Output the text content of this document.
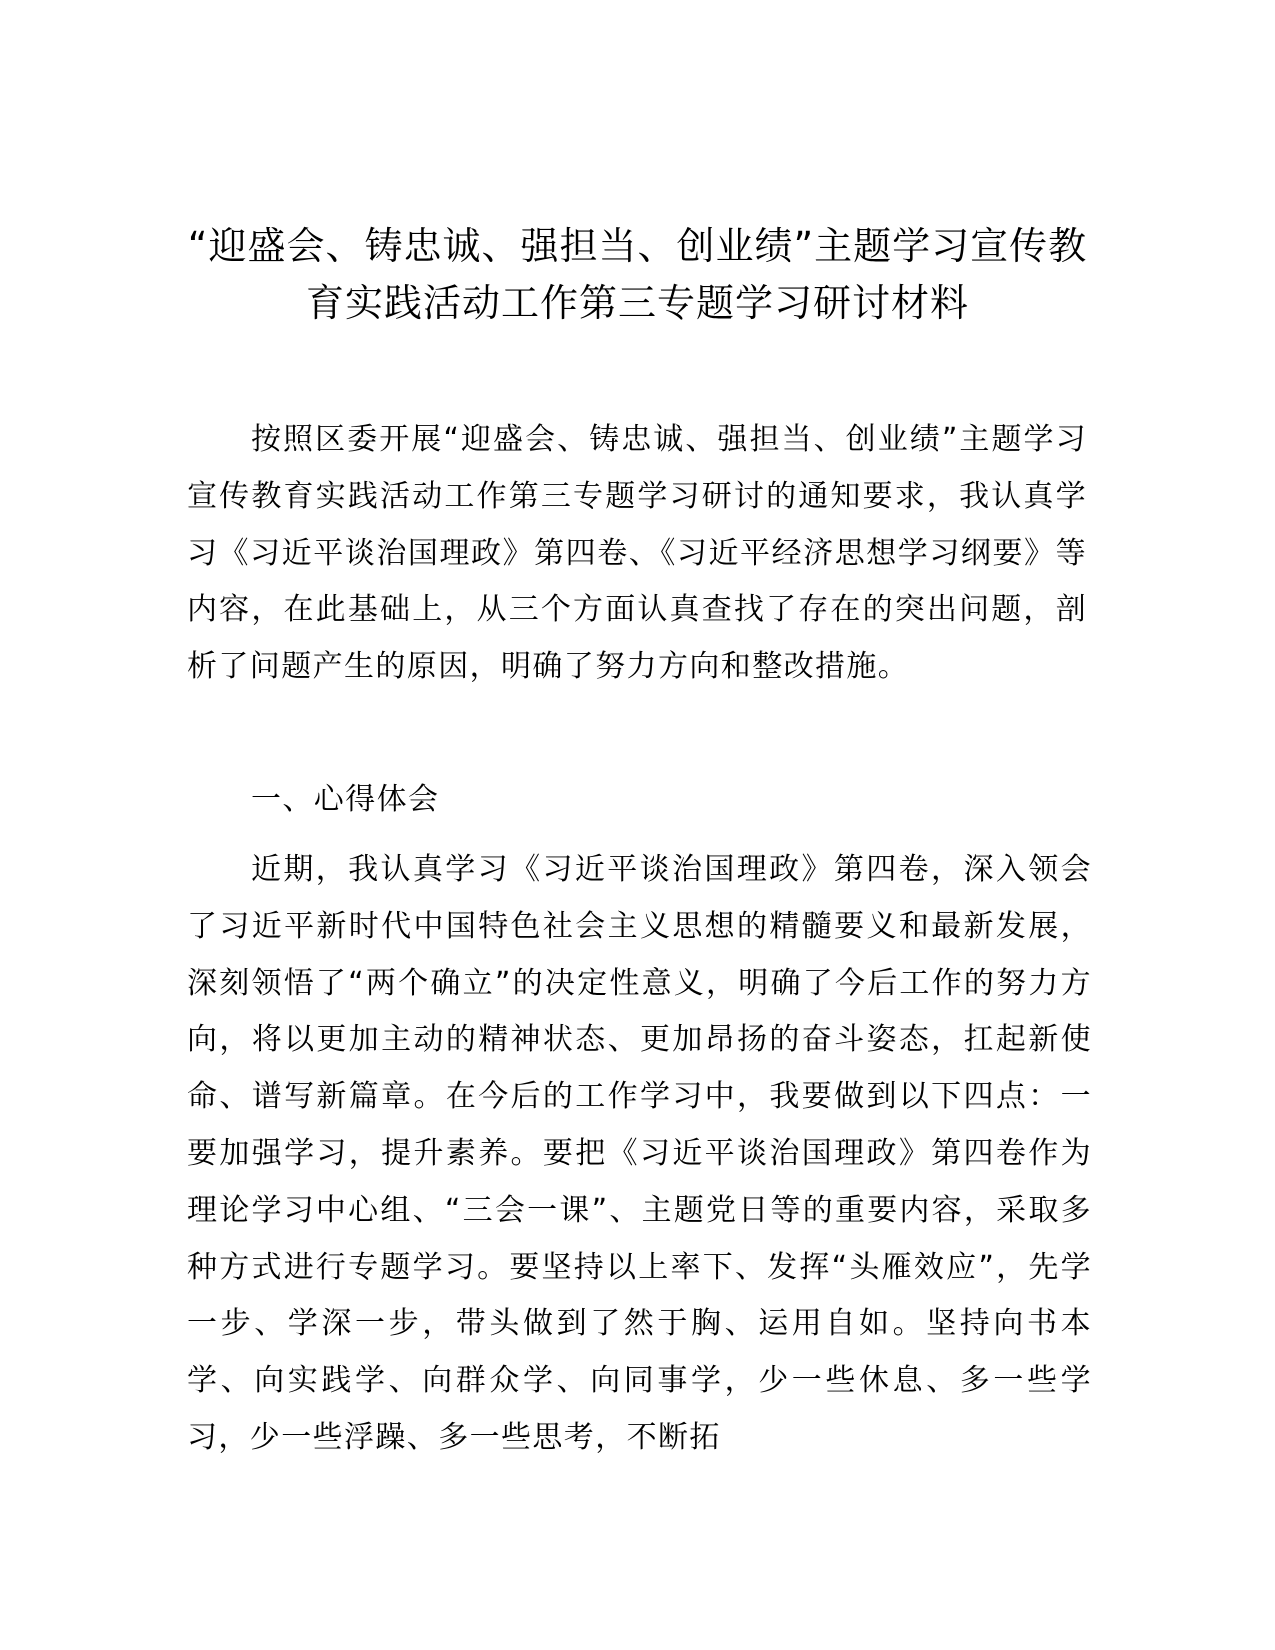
“迎盛会、铸忠诚、强担当、创业绩”主题学习宣传教育实践活动工作第三专题学习研讨材料

按照区委开展“迎盛会、铸忠诚、强担当、创业绩”主题学习宣传教育实践活动工作第三专题学习研讨的通知要求，我认真学习《习近平谈治国理政》第四卷、《习近平经济思想学习纲要》等内容，在此基础上，从三个方面认真查找了存在的突出问题，剖析了问题产生的原因，明确了努力方向和整改措施。

一、心得体会

近期，我认真学习《习近平谈治国理政》第四卷，深入领会了习近平新时代中国特色社会主义思想的精髓要义和最新发展，深刻领悟了“两个确立”的决定性意义，明确了今后工作的努力方向，将以更加主动的精神状态、更加昂扬的奋斗姿态，扛起新使命、谱写新篇章。在今后的工作学习中，我要做到以下四点：一要加强学习，提升素养。要把《习近平谈治国理政》第四卷作为理论学习中心组、“三会一课”、主题党日等的重要内容，采取多种方式进行专题学习。要坚持以上率下、发挥“头雁效应”，先学一步、学深一步，带头做到了然于胸、运用自如。坚持向书本学、向实践学、向群众学、向同事学，少一些休息、多一些学习，少一些浮躁、多一些思考，不断拓
